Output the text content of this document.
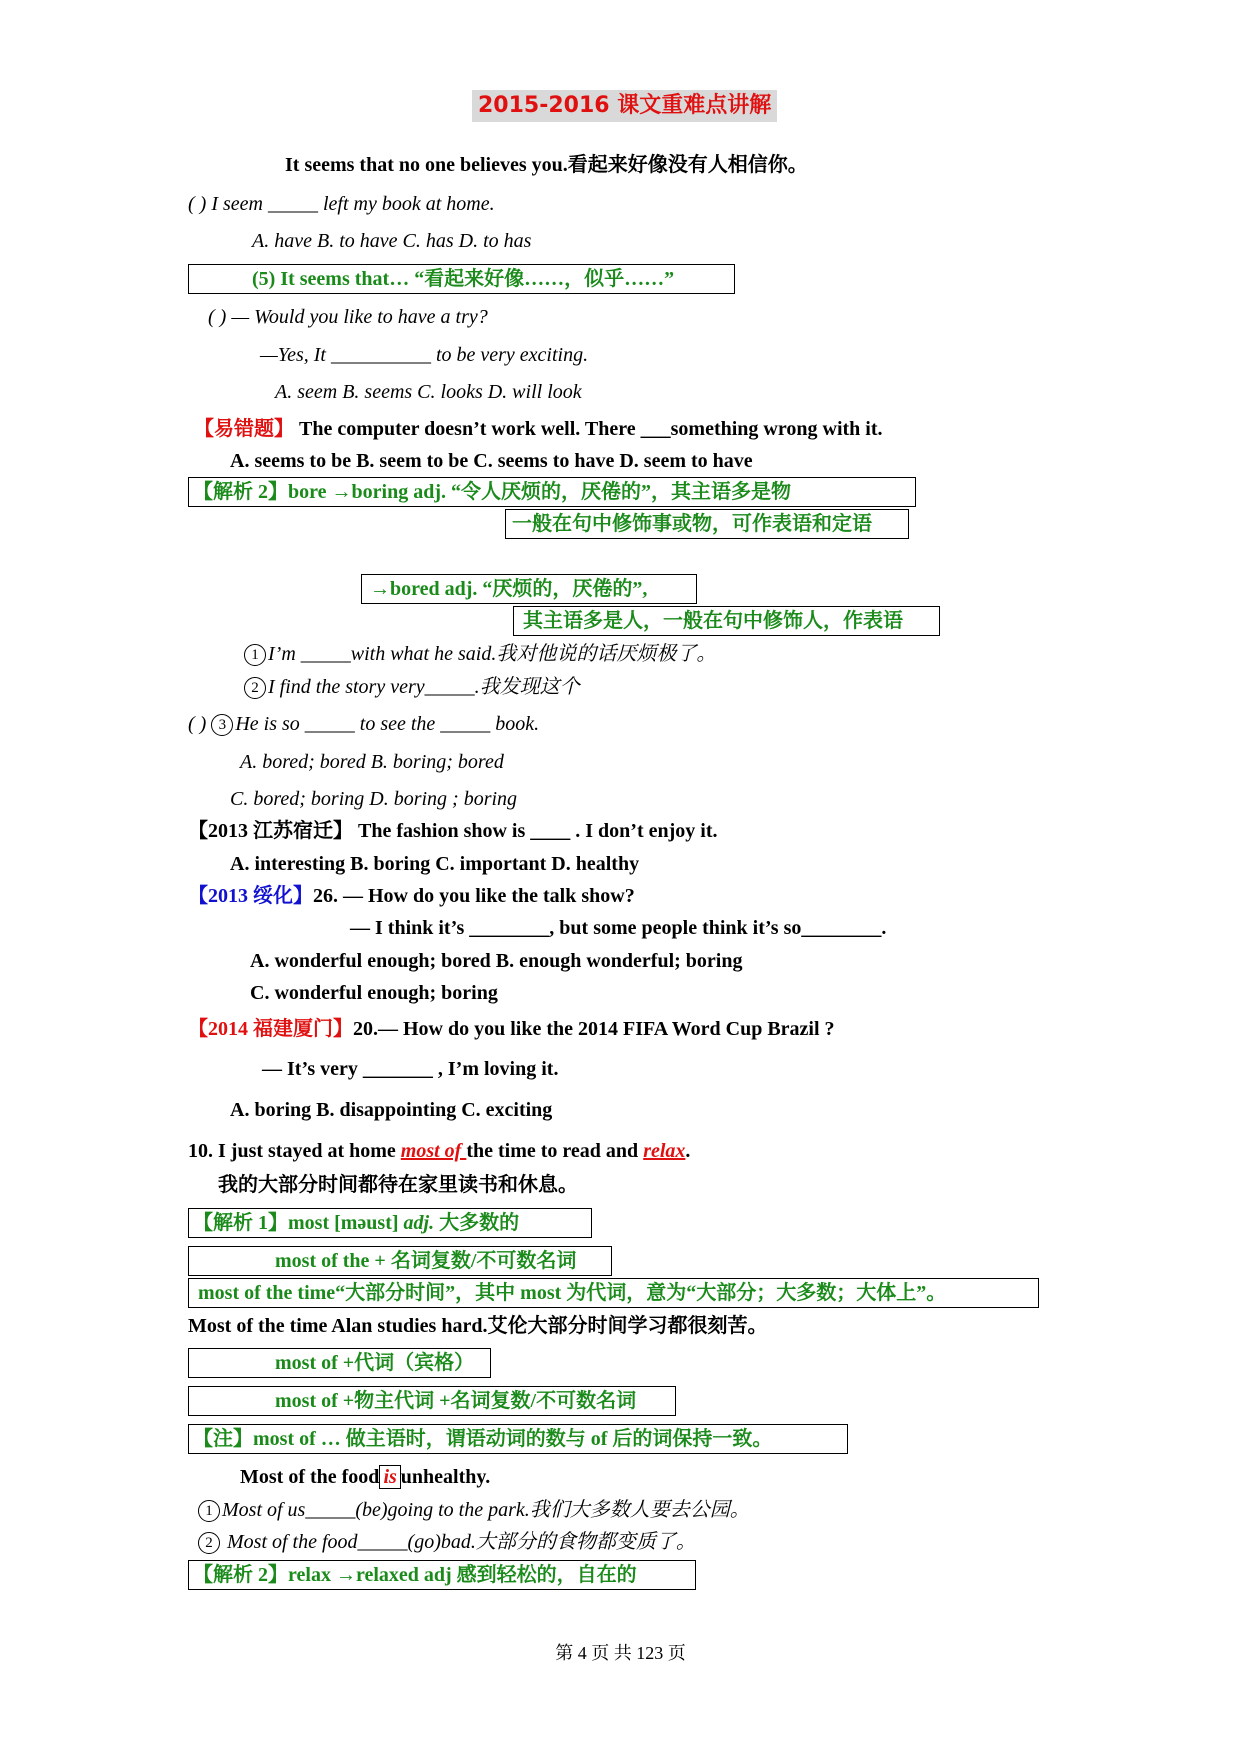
2015-2016 课文重难点讲解
It seems that no one believes you.看起来好像没有人相信你。
( ) I seem _____ left my book at home.
A. have B. to have C. has D. to has
(5) It seems that… “看起来好像……，似乎……”
( ) — Would you like to have a try?
—Yes, It __________ to be very exciting.
A. seem B. seems C. looks D. will look
【易错题】 The computer doesn’t work well. There ___something wrong with it.
A. seems to be B. seem to be C. seems to have D. seem to have
【解析 2】bore →boring adj. “令人厌烦的，厌倦的”，其主语多是物
一般在句中修饰事或物，可作表语和定语
→bored adj. “厌烦的，厌倦的”,
其主语多是人，一般在句中修饰人，作表语
1 I’m _____with what he said.我对他说的话厌烦极了。
2 I find the story very_____.我发现这个
( ) 3 He is so _____ to see the _____ book.
A. bored; bored B. boring; bored
C. bored; boring D. boring ; boring
【2013 江苏宿迁】 The fashion show is ____ . I don’t enjoy it.
A. interesting B. boring C. important D. healthy
【2013 绥化】26. — How do you like the talk show?
— I think it’s ________, but some people think it’s so________.
A. wonderful enough; bored B. enough wonderful; boring
C. wonderful enough; boring
【2014 福建厦门】20.— How do you like the 2014 FIFA Word Cup Brazil ?
— It’s very _______ , I’m loving it.
A. boring B. disappointing C. exciting
10. I just stayed at home most of the time to read and relax.
我的大部分时间都待在家里读书和休息。
【解析 1】most [məust] adj. 大多数的
most of the + 名词复数/不可数名词
most of the time“大部分时间”，其中 most 为代词，意为“大部分；大多数；大体上”。
Most of the time Alan studies hard.艾伦大部分时间学习都很刻苦。
most of +代词（宾格）
most of +物主代词 +名词复数/不可数名词
【注】most of … 做主语时，谓语动词的数与 of 后的词保持一致。
Most of the food is unhealthy.
1 Most of us_____(be)going to the park.我们大多数人要去公园。
2 Most of the food_____(go)bad.大部分的食物都变质了。
【解析 2】relax →relaxed adj 感到轻松的，自在的
第 4 页 共 123 页
